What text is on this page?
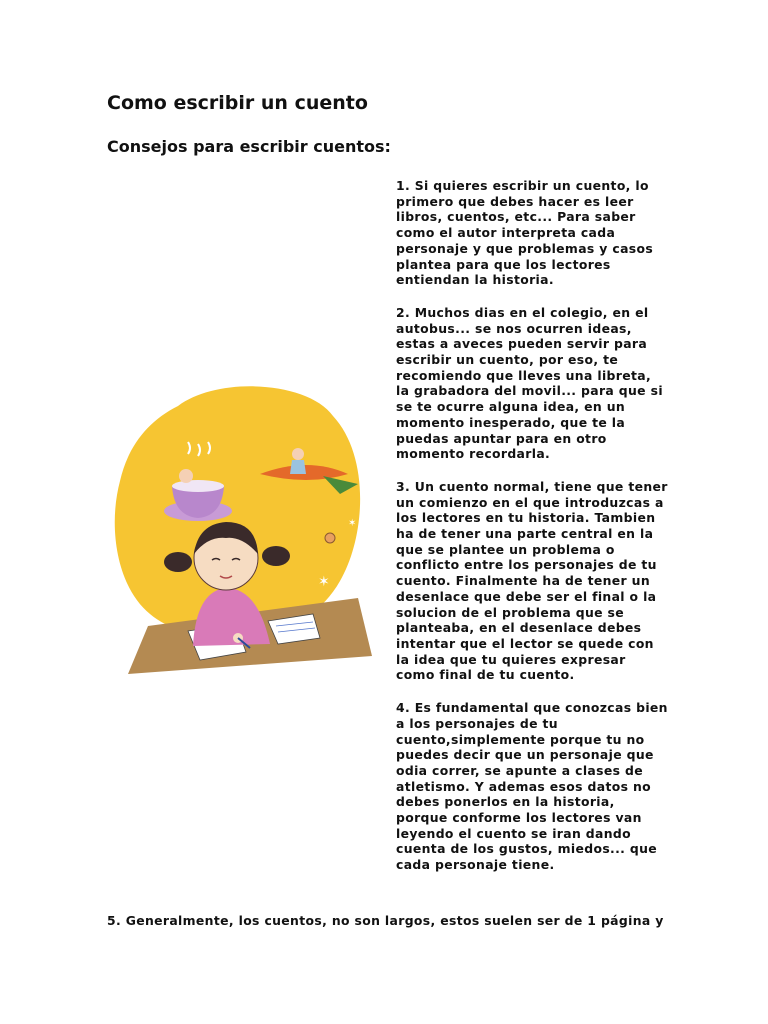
Como escribir un cuento
Consejos para escribir cuentos:
✶
✶

1. Si quieres escribir un cuento, lo primero que debes hacer es leer libros, cuentos, etc... Para saber como el autor interpreta cada personaje y que problemas y casos plantea para que los lectores entiendan la historia.

2. Muchos dias en el colegio, en el autobus... se nos ocurren ideas, estas a aveces pueden servir para escribir un cuento, por eso, te recomiendo que lleves una libreta, la grabadora del movil... para que si se te ocurre alguna idea, en un momento inesperado, que te la puedas apuntar para en otro momento recordarla.

3. Un cuento normal, tiene que tener un comienzo en el que introduzcas a los lectores en tu historia. Tambien ha de tener una parte central en la que se plantee un problema o conflicto entre los personajes de tu cuento. Finalmente ha de tener un desenlace que debe ser el final o la solucion de el problema que se planteaba, en el desenlace debes intentar que el lector se quede con la idea que tu quieres expresar como final de tu cuento.

4. Es fundamental que conozcas bien a los personajes de tu cuento,simplemente porque tu no puedes decir que un personaje que odia correr, se apunte a clases de atletismo. Y ademas esos datos no debes ponerlos en la historia, porque conforme los lectores van leyendo el cuento se iran dando cuenta de los gustos, miedos... que cada personaje tiene.

5. Generalmente, los cuentos, no son largos, estos suelen ser de 1 página y
